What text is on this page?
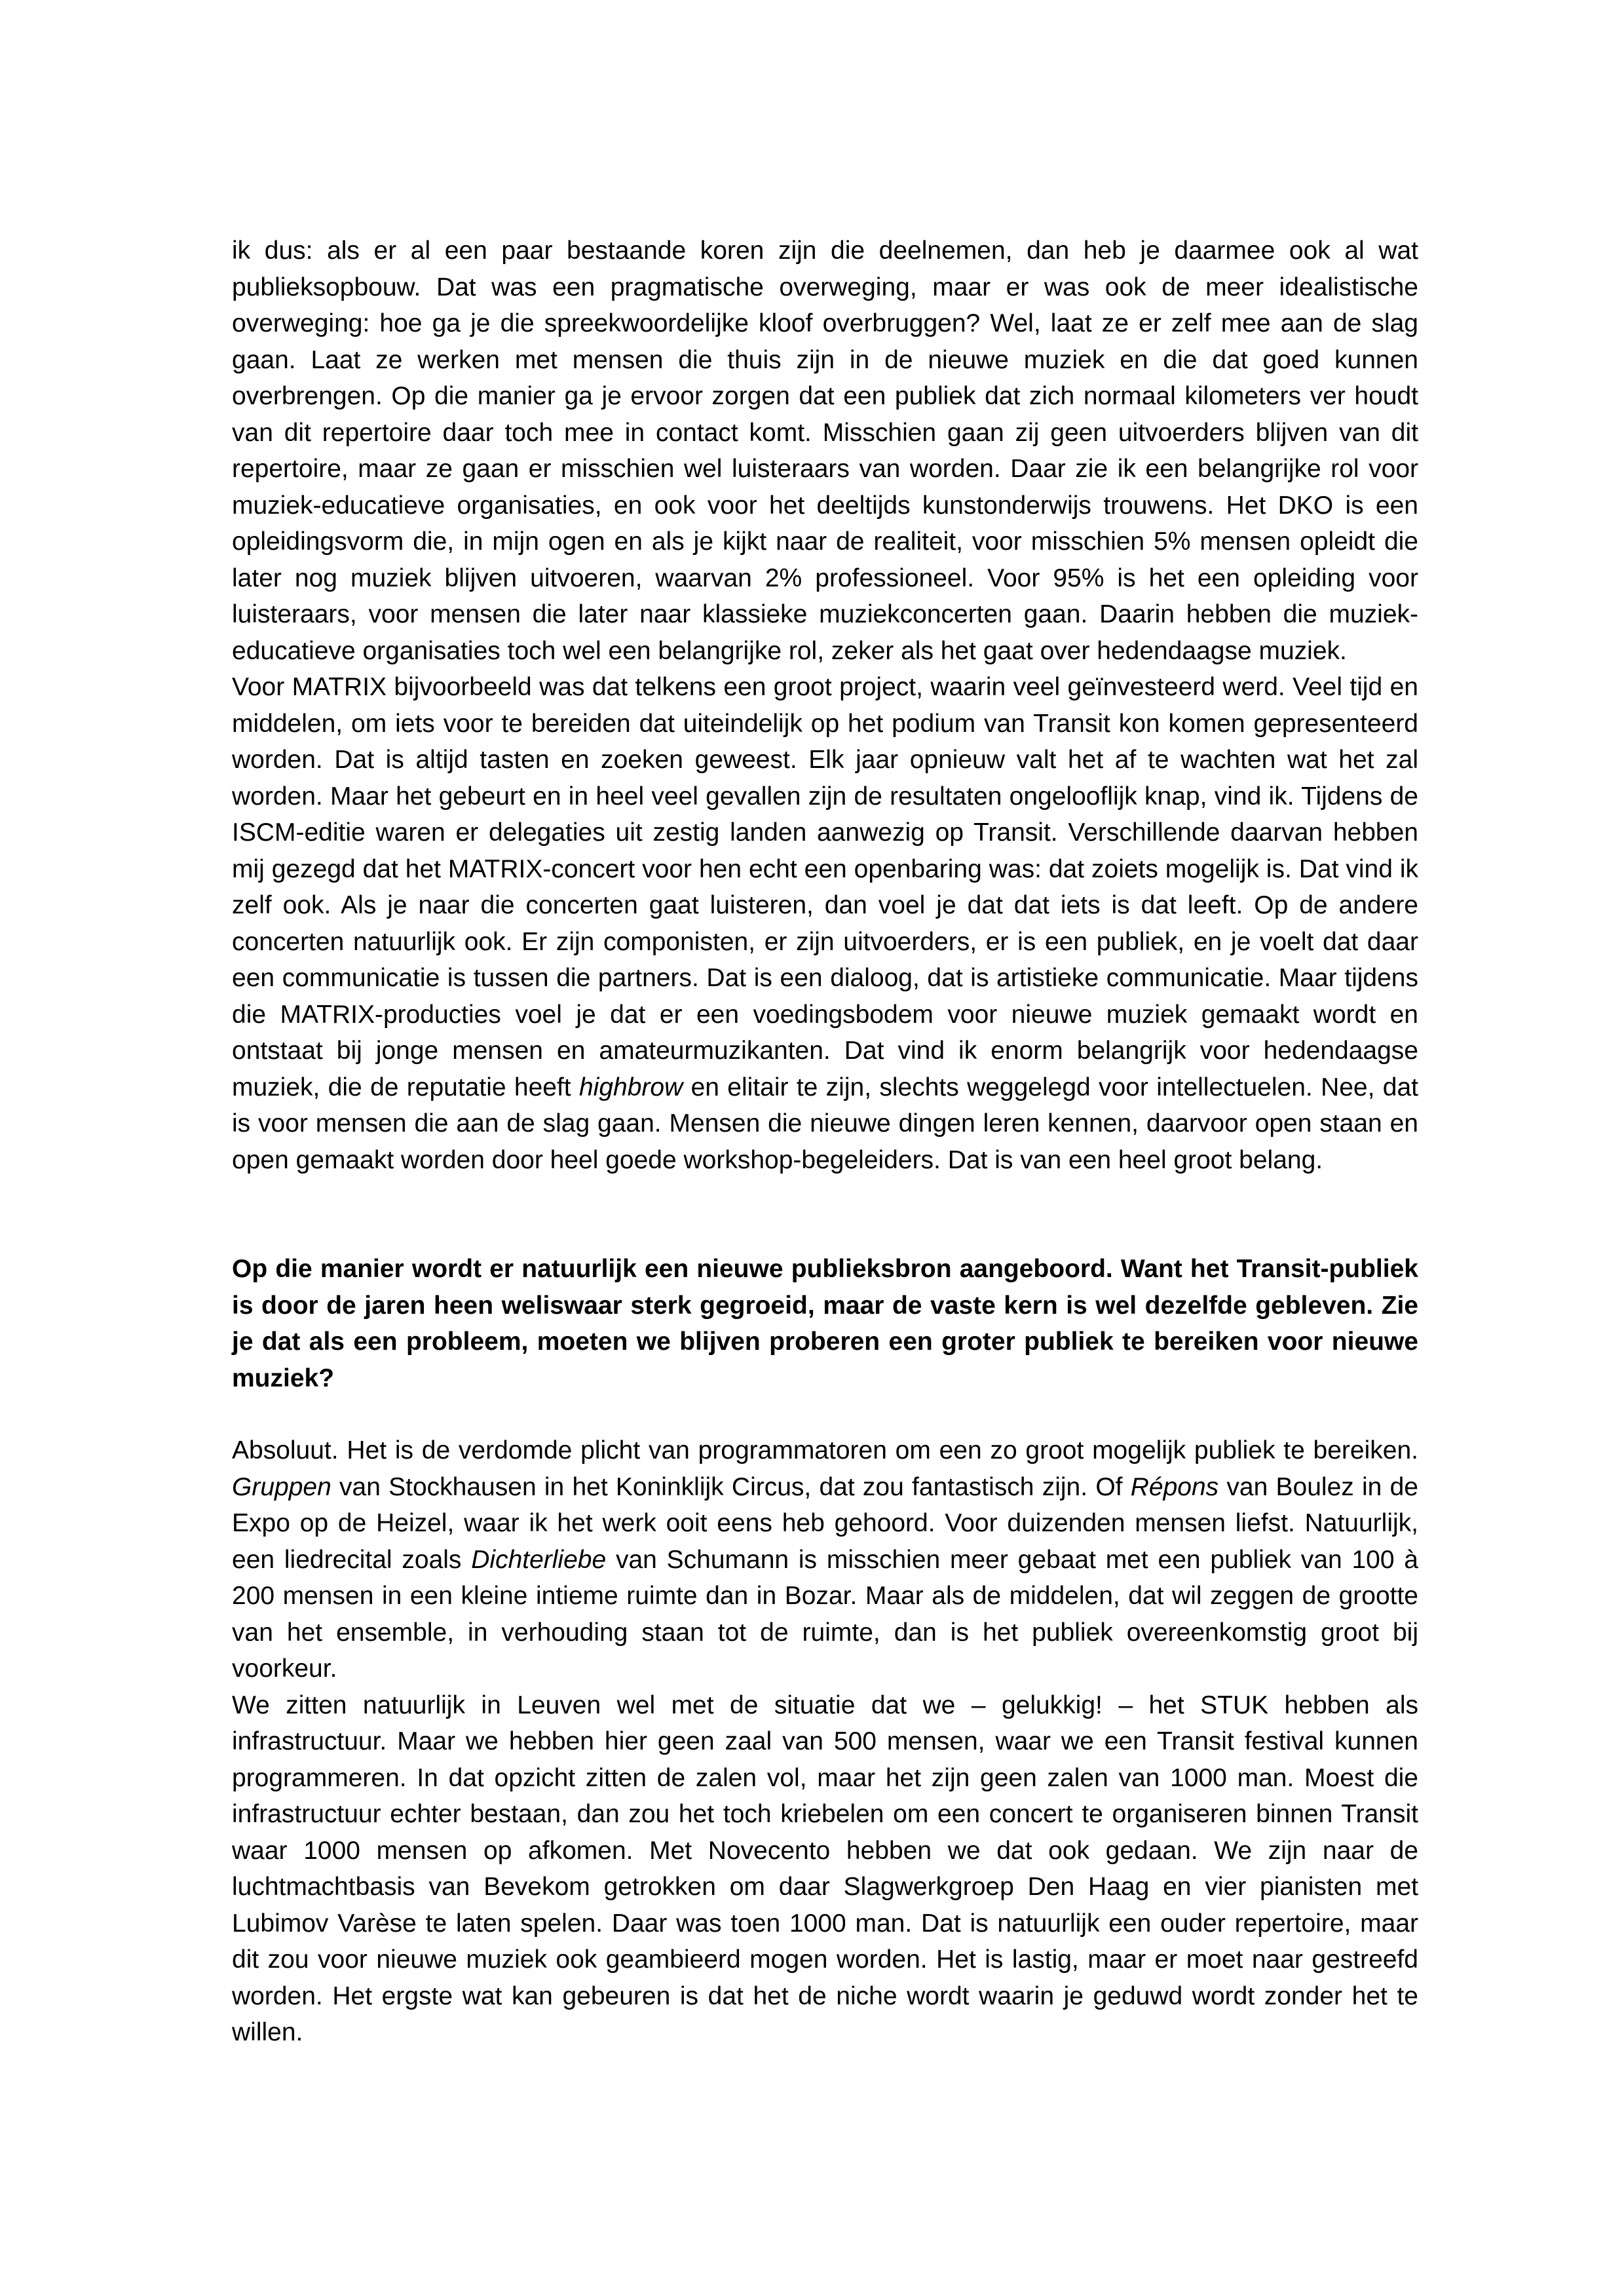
ik dus: als er al een paar bestaande koren zijn die deelnemen, dan heb je daarmee ook al wat publieksopbouw. Dat was een pragmatische overweging, maar er was ook de meer idealistische overweging: hoe ga je die spreekwoordelijke kloof overbruggen? Wel, laat ze er zelf mee aan de slag gaan. Laat ze werken met mensen die thuis zijn in de nieuwe muziek en die dat goed kunnen overbrengen. Op die manier ga je ervoor zorgen dat een publiek dat zich normaal kilometers ver houdt van dit repertoire daar toch mee in contact komt. Misschien gaan zij geen uitvoerders blijven van dit repertoire, maar ze gaan er misschien wel luisteraars van worden. Daar zie ik een belangrijke rol voor muziek-educatieve organisaties, en ook voor het deeltijds kunstonderwijs trouwens. Het DKO is een opleidingsvorm die, in mijn ogen en als je kijkt naar de realiteit, voor misschien 5% mensen opleidt die later nog muziek blijven uitvoeren, waarvan 2% professioneel. Voor 95% is het een opleiding voor luisteraars, voor mensen die later naar klassieke muziekconcerten gaan. Daarin hebben die muziek-educatieve organisaties toch wel een belangrijke rol, zeker als het gaat over hedendaagse muziek.

Voor MATRIX bijvoorbeeld was dat telkens een groot project, waarin veel geïnvesteerd werd. Veel tijd en middelen, om iets voor te bereiden dat uiteindelijk op het podium van Transit kon komen gepresenteerd worden. Dat is altijd tasten en zoeken geweest. Elk jaar opnieuw valt het af te wachten wat het zal worden. Maar het gebeurt en in heel veel gevallen zijn de resultaten ongelooflijk knap, vind ik. Tijdens de ISCM-editie waren er delegaties uit zestig landen aanwezig op Transit. Verschillende daarvan hebben mij gezegd dat het MATRIX-concert voor hen echt een openbaring was: dat zoiets mogelijk is. Dat vind ik zelf ook. Als je naar die concerten gaat luisteren, dan voel je dat dat iets is dat leeft. Op de andere concerten natuurlijk ook. Er zijn componisten, er zijn uitvoerders, er is een publiek, en je voelt dat daar een communicatie is tussen die partners. Dat is een dialoog, dat is artistieke communicatie. Maar tijdens die MATRIX-producties voel je dat er een voedingsbodem voor nieuwe muziek gemaakt wordt en ontstaat bij jonge mensen en amateurmuzikanten. Dat vind ik enorm belangrijk voor hedendaagse muziek, die de reputatie heeft highbrow en elitair te zijn, slechts weggelegd voor intellectuelen. Nee, dat is voor mensen die aan de slag gaan. Mensen die nieuwe dingen leren kennen, daarvoor open staan en open gemaakt worden door heel goede workshop-begeleiders. Dat is van een heel groot belang.

Op die manier wordt er natuurlijk een nieuwe publieksbron aangeboord. Want het Transit-publiek is door de jaren heen weliswaar sterk gegroeid, maar de vaste kern is wel dezelfde gebleven. Zie je dat als een probleem, moeten we blijven proberen een groter publiek te bereiken voor nieuwe muziek?

Absoluut. Het is de verdomde plicht van programmatoren om een zo groot mogelijk publiek te bereiken. Gruppen van Stockhausen in het Koninklijk Circus, dat zou fantastisch zijn. Of Répons van Boulez in de Expo op de Heizel, waar ik het werk ooit eens heb gehoord. Voor duizenden mensen liefst. Natuurlijk, een liedrecital zoals Dichterliebe van Schumann is misschien meer gebaat met een publiek van 100 à 200 mensen in een kleine intieme ruimte dan in Bozar. Maar als de middelen, dat wil zeggen de grootte van het ensemble, in verhouding staan tot de ruimte, dan is het publiek overeenkomstig groot bij voorkeur.

We zitten natuurlijk in Leuven wel met de situatie dat we – gelukkig! – het STUK hebben als infrastructuur. Maar we hebben hier geen zaal van 500 mensen, waar we een Transit festival kunnen programmeren. In dat opzicht zitten de zalen vol, maar het zijn geen zalen van 1000 man. Moest die infrastructuur echter bestaan, dan zou het toch kriebelen om een concert te organiseren binnen Transit waar 1000 mensen op afkomen. Met Novecento hebben we dat ook gedaan. We zijn naar de luchtmachtbasis van Bevekom getrokken om daar Slagwerkgroep Den Haag en vier pianisten met Lubimov Varèse te laten spelen. Daar was toen 1000 man. Dat is natuurlijk een ouder repertoire, maar dit zou voor nieuwe muziek ook geambieerd mogen worden. Het is lastig, maar er moet naar gestreefd worden. Het ergste wat kan gebeuren is dat het de niche wordt waarin je geduwd wordt zonder het te willen.
